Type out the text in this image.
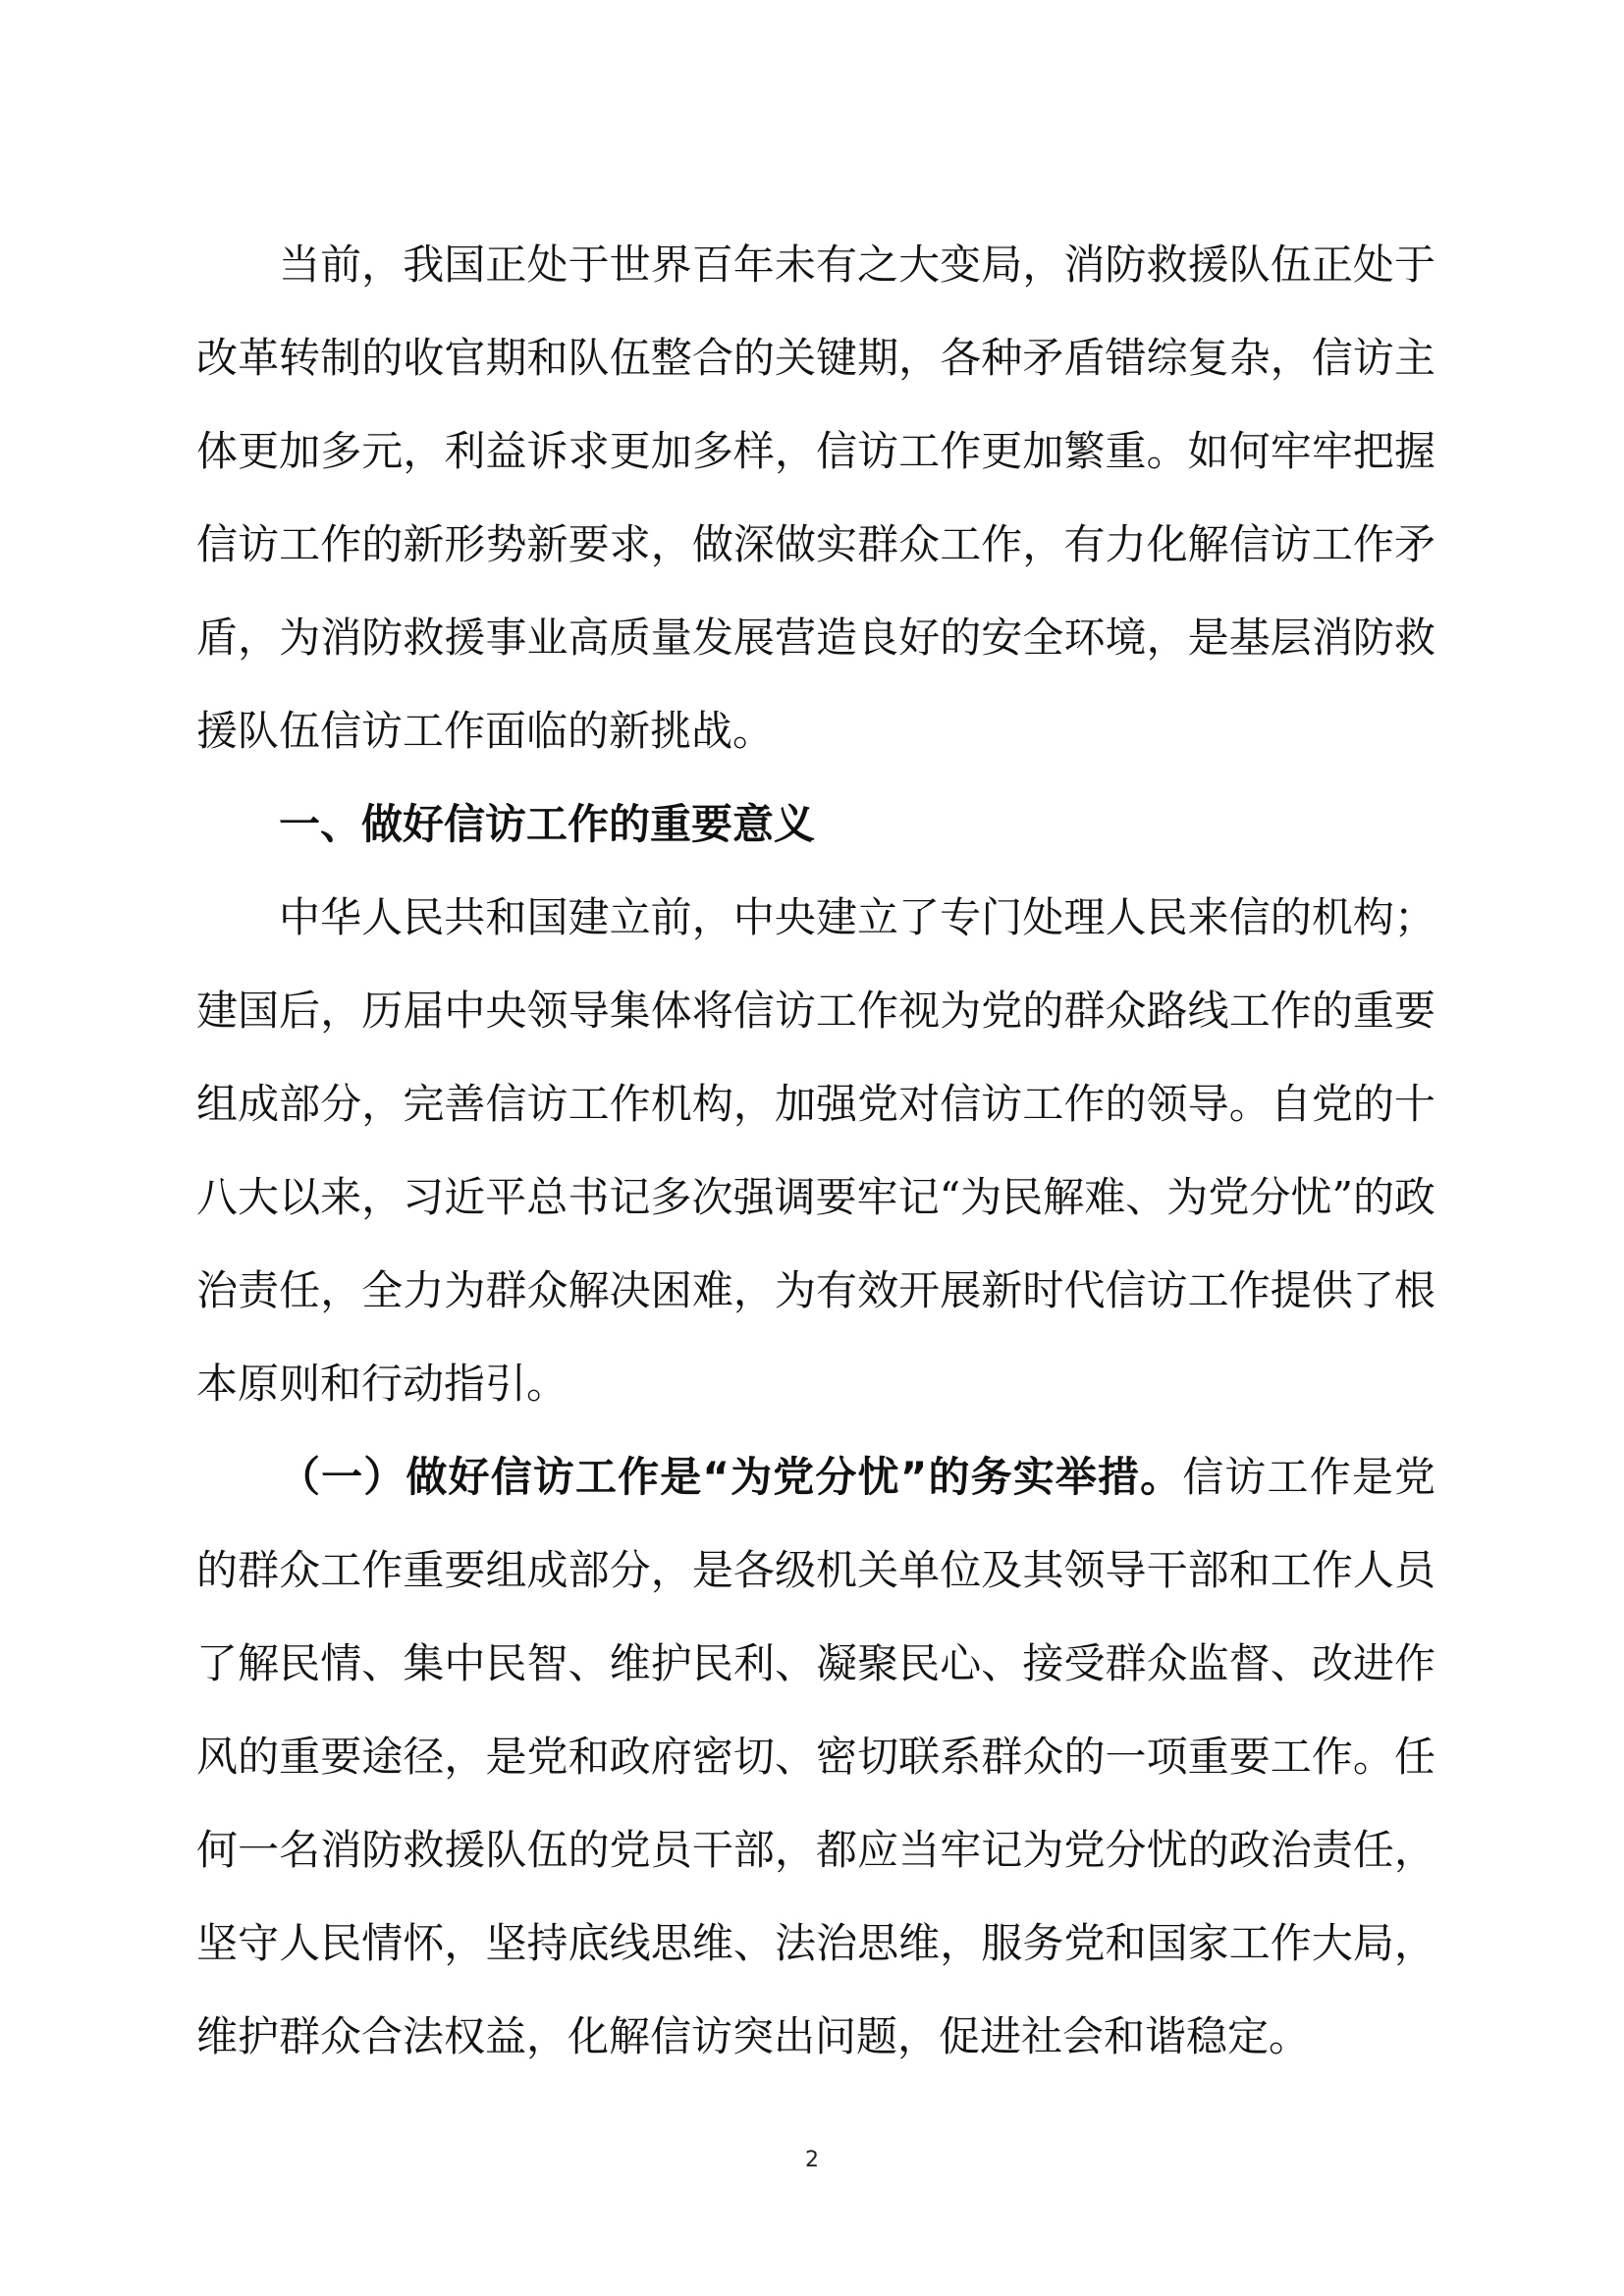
当前，我国正处于世界百年未有之大变局，消防救援队伍正处于改革转制的收官期和队伍整合的关键期，各种矛盾错综复杂，信访主体更加多元，利益诉求更加多样，信访工作更加繁重。如何牢牢把握信访工作的新形势新要求，做深做实群众工作，有力化解信访工作矛盾，为消防救援事业高质量发展营造良好的安全环境，是基层消防救援队伍信访工作面临的新挑战。

一、做好信访工作的重要意义

中华人民共和国建立前，中央建立了专门处理人民来信的机构；建国后，历届中央领导集体将信访工作视为党的群众路线工作的重要组成部分，完善信访工作机构，加强党对信访工作的领导。自党的十八大以来，习近平总书记多次强调要牢记“为民解难、为党分忧”的政治责任，全力为群众解决困难，为有效开展新时代信访工作提供了根本原则和行动指引。

（一）做好信访工作是“为党分忧”的务实举措。信访工作是党的群众工作重要组成部分，是各级机关单位及其领导干部和工作人员了解民情、集中民智、维护民利、凝聚民心、接受群众监督、改进作风的重要途径，是党和政府密切、密切联系群众的一项重要工作。任何一名消防救援队伍的党员干部，都应当牢记为党分忧的政治责任，坚守人民情怀，坚持底线思维、法治思维，服务党和国家工作大局，维护群众合法权益，化解信访突出问题，促进社会和谐稳定。

2
